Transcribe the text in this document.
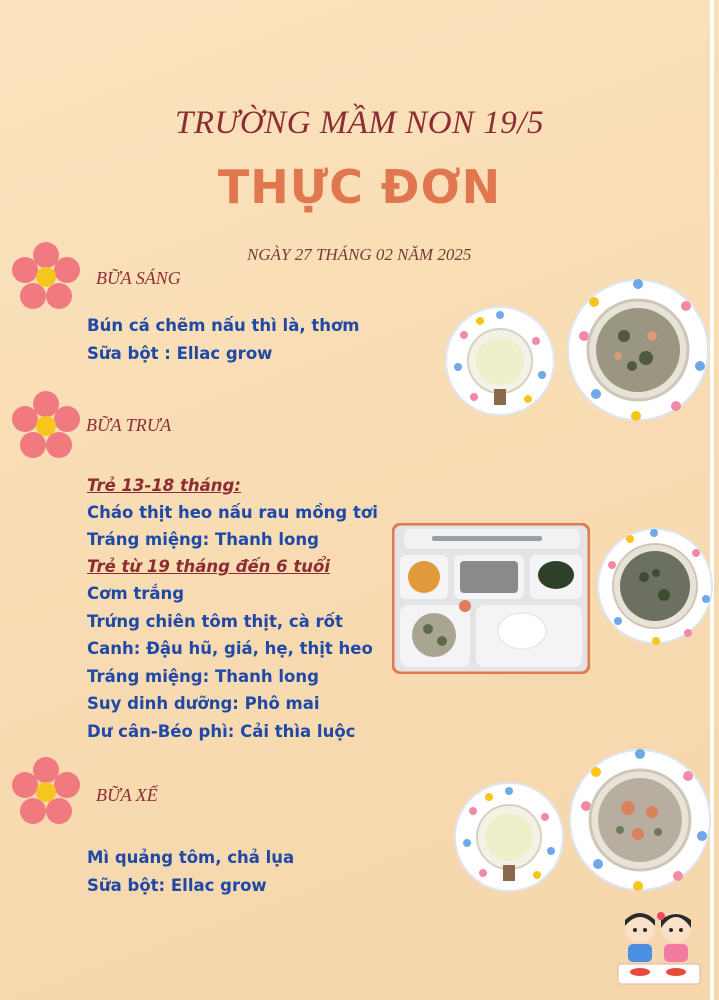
TRƯỜNG MẦM NON 19/5
THỰC ĐƠN
NGÀY 27 THÁNG 02 NĂM 2025
BỮA SÁNG
Bún cá chẽm nấu thì là, thơm
Sữa bột : Ellac grow
BỮA TRƯA
Trẻ 13-18 tháng:
Cháo thịt heo nấu rau mồng tơi
Tráng miệng: Thanh long
Trẻ từ 19 tháng đến 6 tuổi
Cơm trắng
Trứng chiên tôm thịt, cà rốt
Canh: Đậu hũ, giá, hẹ, thịt heo
Tráng miệng: Thanh long
Suy dinh dưỡng: Phô mai
Dư cân-Béo phì: Cải thìa luộc
BỮA XẾ
Mì quảng tôm, chả lụa
Sữa bột: Ellac grow
